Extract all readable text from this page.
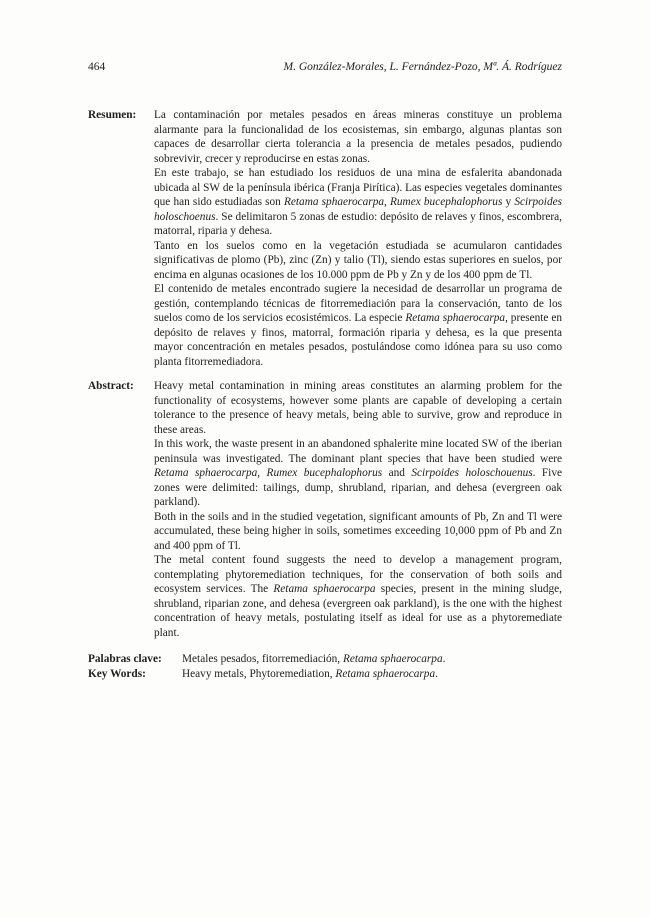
464	M. González-Morales, L. Fernández-Pozo, Mª. Á. Rodríguez
Resumen: La contaminación por metales pesados en áreas mineras constituye un problema alarmante para la funcionalidad de los ecosistemas, sin embargo, algunas plantas son capaces de desarrollar cierta tolerancia a la presencia de metales pesados, pudiendo sobrevivir, crecer y reproducirse en estas zonas.

En este trabajo, se han estudiado los residuos de una mina de esfalerita abandonada ubicada al SW de la península ibérica (Franja Pirítica). Las especies vegetales dominantes que han sido estudiadas son Retama sphaerocarpa, Rumex bucephalophorus y Scirpoides holoschoenus. Se delimitaron 5 zonas de estudio: depósito de relaves y finos, escombrera, matorral, riparia y dehesa.

Tanto en los suelos como en la vegetación estudiada se acumularon cantidades significativas de plomo (Pb), zinc (Zn) y talio (Tl), siendo estas superiores en suelos, por encima en algunas ocasiones de los 10.000 ppm de Pb y Zn y de los 400 ppm de Tl.

El contenido de metales encontrado sugiere la necesidad de desarrollar un programa de gestión, contemplando técnicas de fitorremediación para la conservación, tanto de los suelos como de los servicios ecosistémicos. La especie Retama sphaerocarpa, presente en depósito de relaves y finos, matorral, formación riparia y dehesa, es la que presenta mayor concentración en metales pesados, postulándose como idónea para su uso como planta fitorremediadora.

Abstract: Heavy metal contamination in mining areas constitutes an alarming problem for the functionality of ecosystems, however some plants are capable of developing a certain tolerance to the presence of heavy metals, being able to survive, grow and reproduce in these areas.

In this work, the waste present in an abandoned sphalerite mine located SW of the iberian peninsula was investigated. The dominant plant species that have been studied were Retama sphaerocarpa, Rumex bucephalophorus and Scirpoides holoschouenus. Five zones were delimited: tailings, dump, shrubland, riparian, and dehesa (evergreen oak parkland).

Both in the soils and in the studied vegetation, significant amounts of Pb, Zn and Tl were accumulated, these being higher in soils, sometimes exceeding 10,000 ppm of Pb and Zn and 400 ppm of Tl.

The metal content found suggests the need to develop a management program, contemplating phytoremediation techniques, for the conservation of both soils and ecosystem services. The Retama sphaerocarpa species, present in the mining sludge, shrubland, riparian zone, and dehesa (evergreen oak parkland), is the one with the highest concentration of heavy metals, postulating itself as ideal for use as a phytoremediate plant.

Palabras clave: Metales pesados, fitorremediación, Retama sphaerocarpa.
Key Words:	Heavy metals, Phytoremediation, Retama sphaerocarpa.
